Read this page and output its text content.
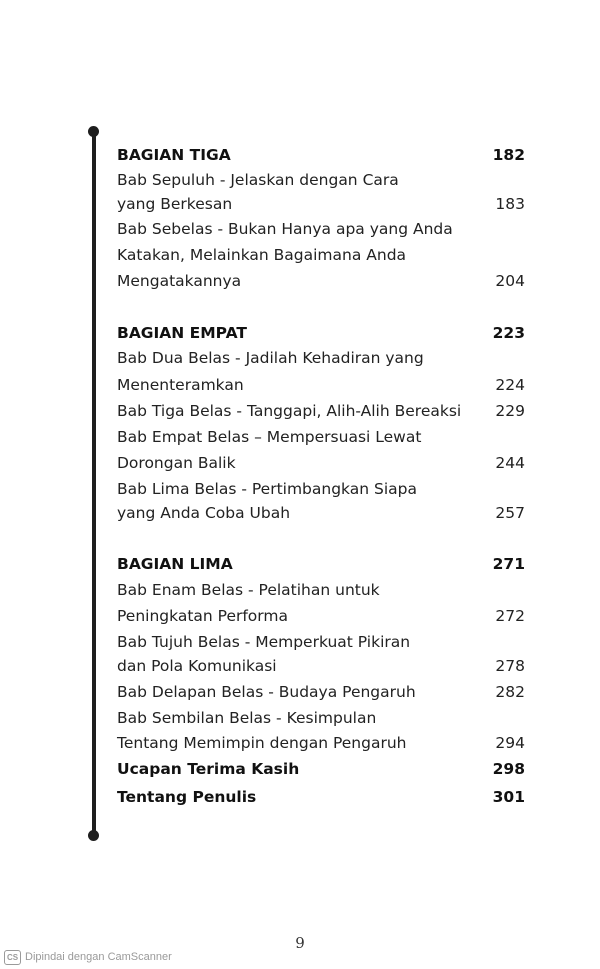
BAGIAN TIGA	182
Bab Sepuluh - Jelaskan dengan Cara
yang Berkesan	183
Bab Sebelas - Bukan Hanya apa yang Anda
Katakan, Melainkan Bagaimana Anda
Mengatakannya	204
BAGIAN EMPAT	223
Bab Dua Belas - Jadilah Kehadiran yang
Menenteramkan	224
Bab Tiga Belas - Tanggapi, Alih-Alih Bereaksi 229
Bab Empat Belas – Mempersuasi Lewat
Dorongan Balik	244
Bab Lima Belas - Pertimbangkan Siapa
yang Anda Coba Ubah	257
BAGIAN LIMA	271
Bab Enam Belas - Pelatihan untuk
Peningkatan Performa	272
Bab Tujuh Belas - Memperkuat Pikiran
dan Pola Komunikasi	278
Bab Delapan Belas - Budaya Pengaruh	282
Bab Sembilan Belas - Kesimpulan
Tentang Memimpin dengan Pengaruh	294
Ucapan Terima Kasih	298
Tentang Penulis	301
9
CS Dipindai dengan CamScanner
